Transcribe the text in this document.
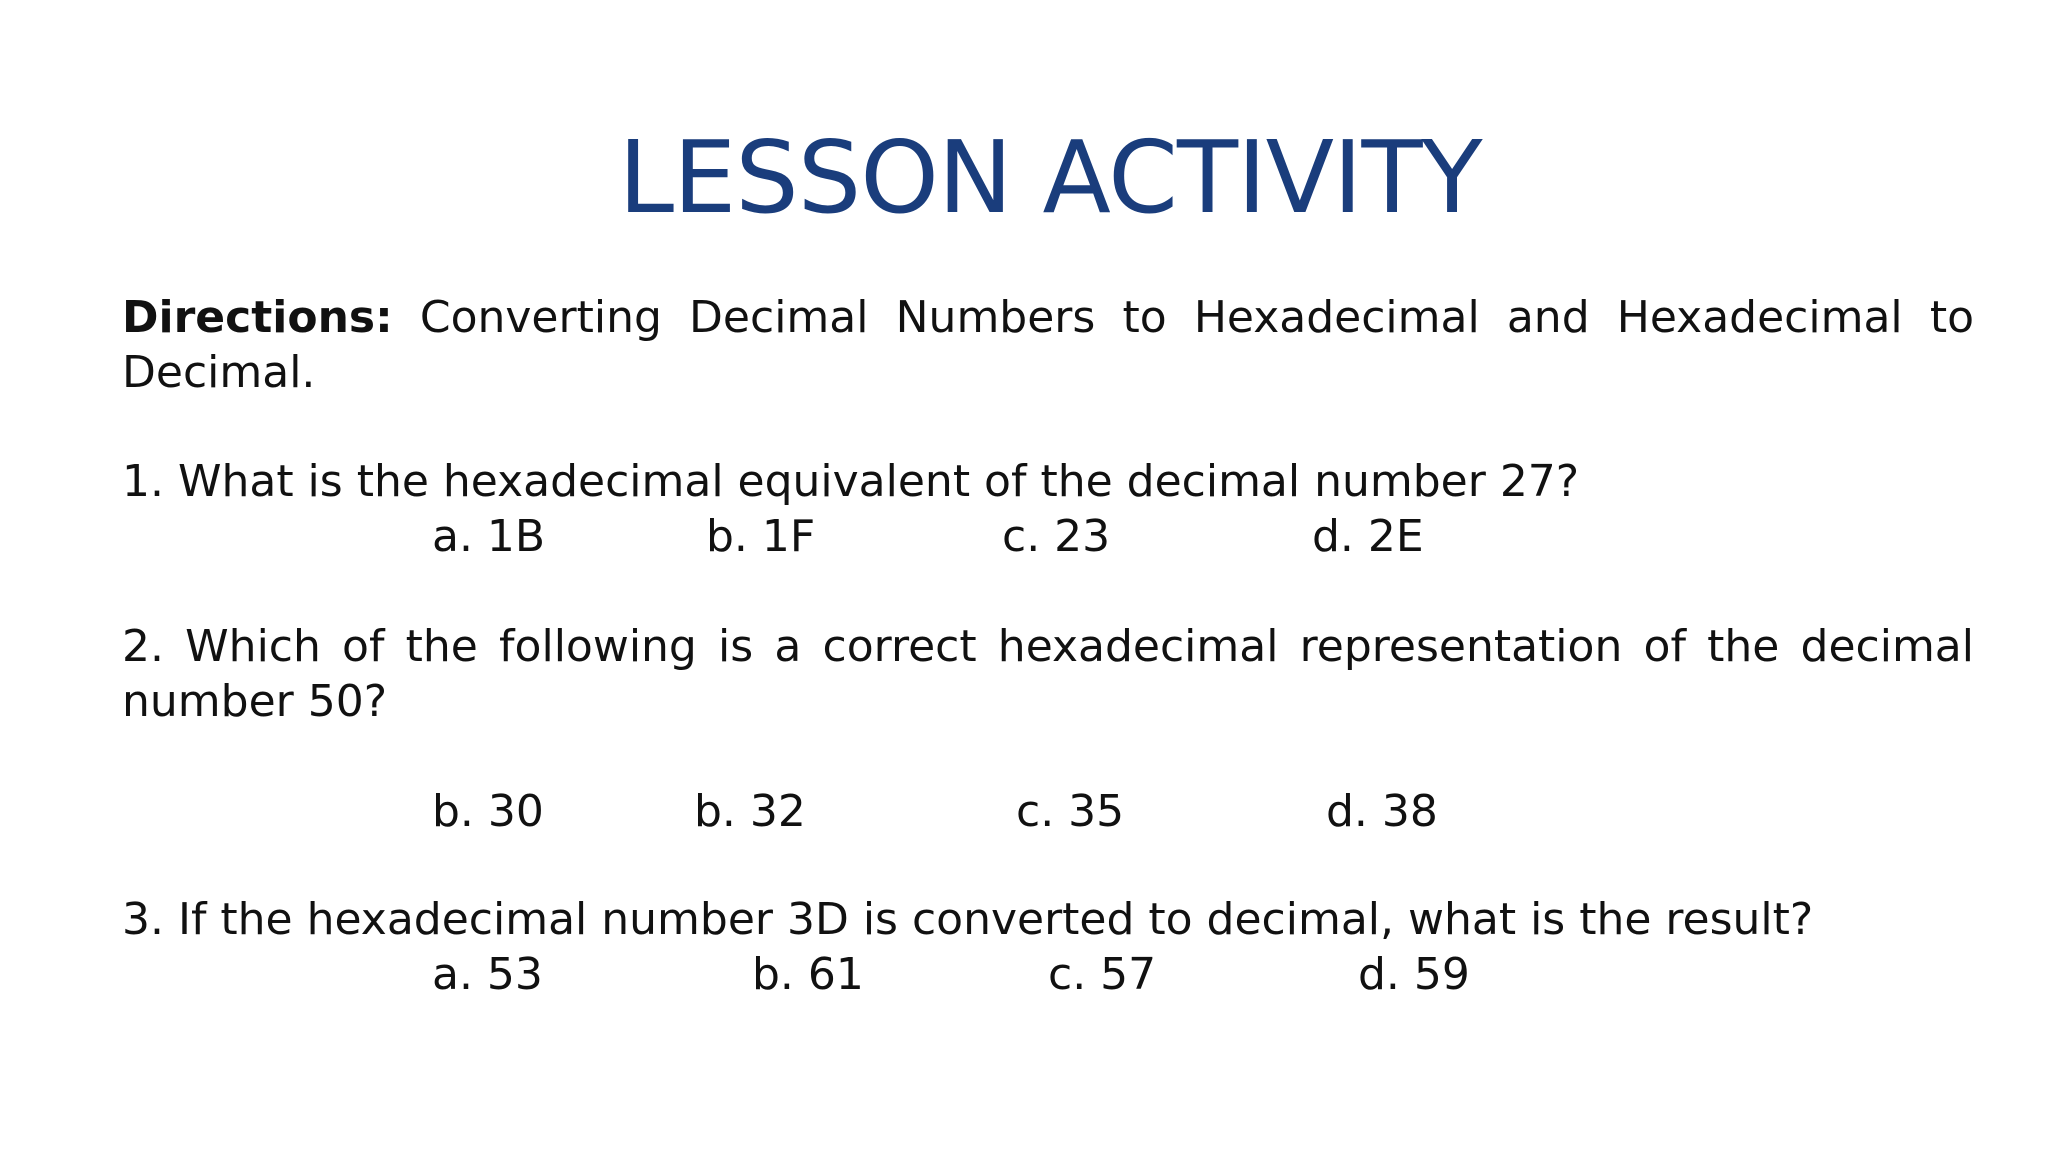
LESSON ACTIVITY
Directions: Converting Decimal Numbers to Hexadecimal and Hexadecimal to Decimal.
1. What is the hexadecimal equivalent of the decimal number 27?
a. 1B	b. 1F	c. 23	d. 2E
2. Which of the following is a correct hexadecimal representation of the decimal number 50?
b. 30	b. 32	c. 35	d. 38
3. If the hexadecimal number 3D is converted to decimal, what is the result?
a. 53	b. 61	c. 57	d. 59
